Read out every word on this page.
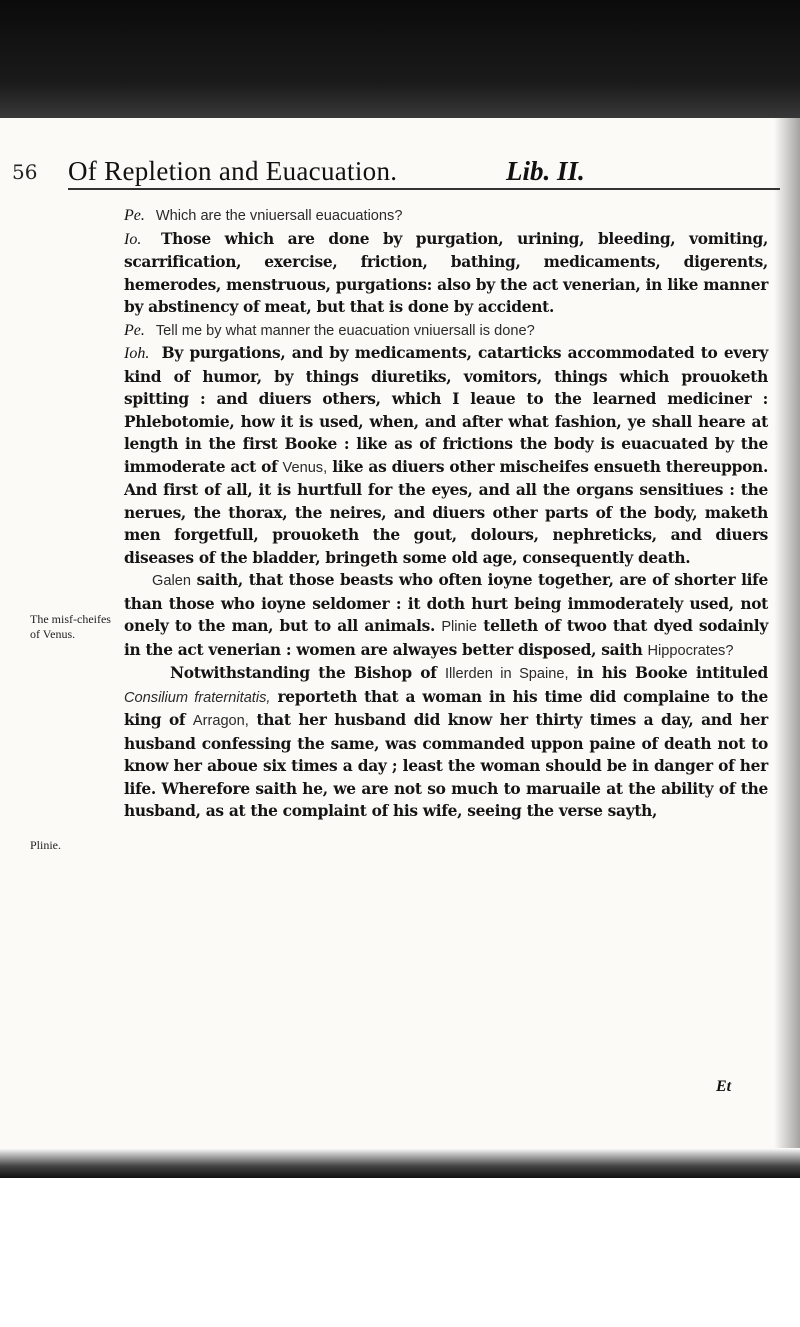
56 Of Repletion and Euacuation.	Lib. II.
The misf-cheifes of Venus.
Plinie.

Pe. Which are the vniuersall euacuations?

Io. Those which are done by purgation, urining, bleeding, vomiting, scarrification, exercise, friction, bathing, medicaments, digerents, hemerodes, menstruous, purgations: also by the act venerian, in like manner by abstinency of meat, but that is done by accident.

Pe. Tell me by what manner the euacuation vniuersall is done?

Ioh. By purgations, and by medicaments, catarticks accommodated to every kind of humor, by things diuretiks, vomitors, things which prouoketh spitting : and diuers others, which I leaue to the learned mediciner : Phlebotomie, how it is used, when, and after what fashion, ye shall heare at length in the first Booke : like as of frictions the body is euacuated by the immoderate act of Venus, like as diuers other mischeifes ensueth thereuppon. And first of all, it is hurtfull for the eyes, and all the organs sensitiues : the nerues, the thorax, the neires, and diuers other parts of the body, maketh men forgetfull, prouoketh the gout, dolours, nephreticks, and diuers diseases of the bladder, bringeth some old age, consequently death.

Galen saith, that those beasts who often ioyne together, are of shorter life than those who ioyne seldomer : it doth hurt being immoderately used, not onely to the man, but to all animals. Plinie telleth of twoo that dyed sodainly in the act venerian : women are alwayes better disposed, saith Hippocrates?

Notwithstanding the Bishop of Illerden in Spaine, in his Booke intituled Consilium fraternitatis, reporteth that a woman in his time did complaine to the king of Arragon, that her husband did know her thirty times a day, and her husband confessing the same, was commanded uppon paine of death not to know her aboue six times a day ; least the woman should be in danger of her life. Wherefore saith he, we are not so much to maruaile at the ability of the husband, as at the complaint of his wife, seeing the verse sayth,

Et
